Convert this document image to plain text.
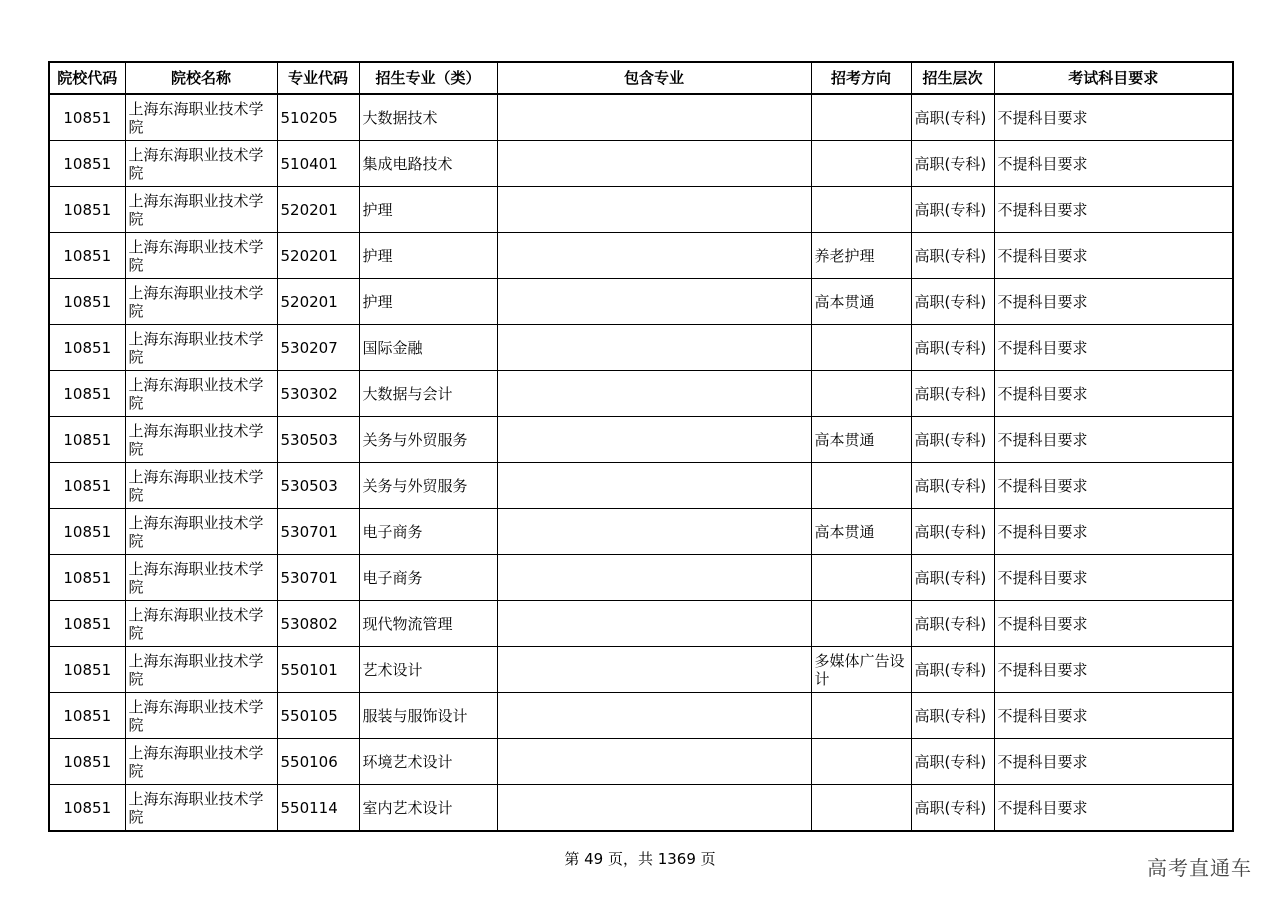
院校代码	院校名称	专业代码	招生专业（类）	包含专业	招考方向	招生层次	考试科目要求
10851	上海东海职业技术学院	510205	大数据技术			高职(专科)	不提科目要求
10851	上海东海职业技术学院	510401	集成电路技术			高职(专科)	不提科目要求
10851	上海东海职业技术学院	520201	护理			高职(专科)	不提科目要求
10851	上海东海职业技术学院	520201	护理		养老护理	高职(专科)	不提科目要求
10851	上海东海职业技术学院	520201	护理		高本贯通	高职(专科)	不提科目要求
10851	上海东海职业技术学院	530207	国际金融			高职(专科)	不提科目要求
10851	上海东海职业技术学院	530302	大数据与会计			高职(专科)	不提科目要求
10851	上海东海职业技术学院	530503	关务与外贸服务		高本贯通	高职(专科)	不提科目要求
10851	上海东海职业技术学院	530503	关务与外贸服务			高职(专科)	不提科目要求
10851	上海东海职业技术学院	530701	电子商务		高本贯通	高职(专科)	不提科目要求
10851	上海东海职业技术学院	530701	电子商务			高职(专科)	不提科目要求
10851	上海东海职业技术学院	530802	现代物流管理			高职(专科)	不提科目要求
10851	上海东海职业技术学院	550101	艺术设计		多媒体广告设计	高职(专科)	不提科目要求
10851	上海东海职业技术学院	550105	服装与服饰设计			高职(专科)	不提科目要求
10851	上海东海职业技术学院	550106	环境艺术设计			高职(专科)	不提科目要求
10851	上海东海职业技术学院	550114	室内艺术设计			高职(专科)	不提科目要求
第 49 页，共 1369 页	高考直通车
